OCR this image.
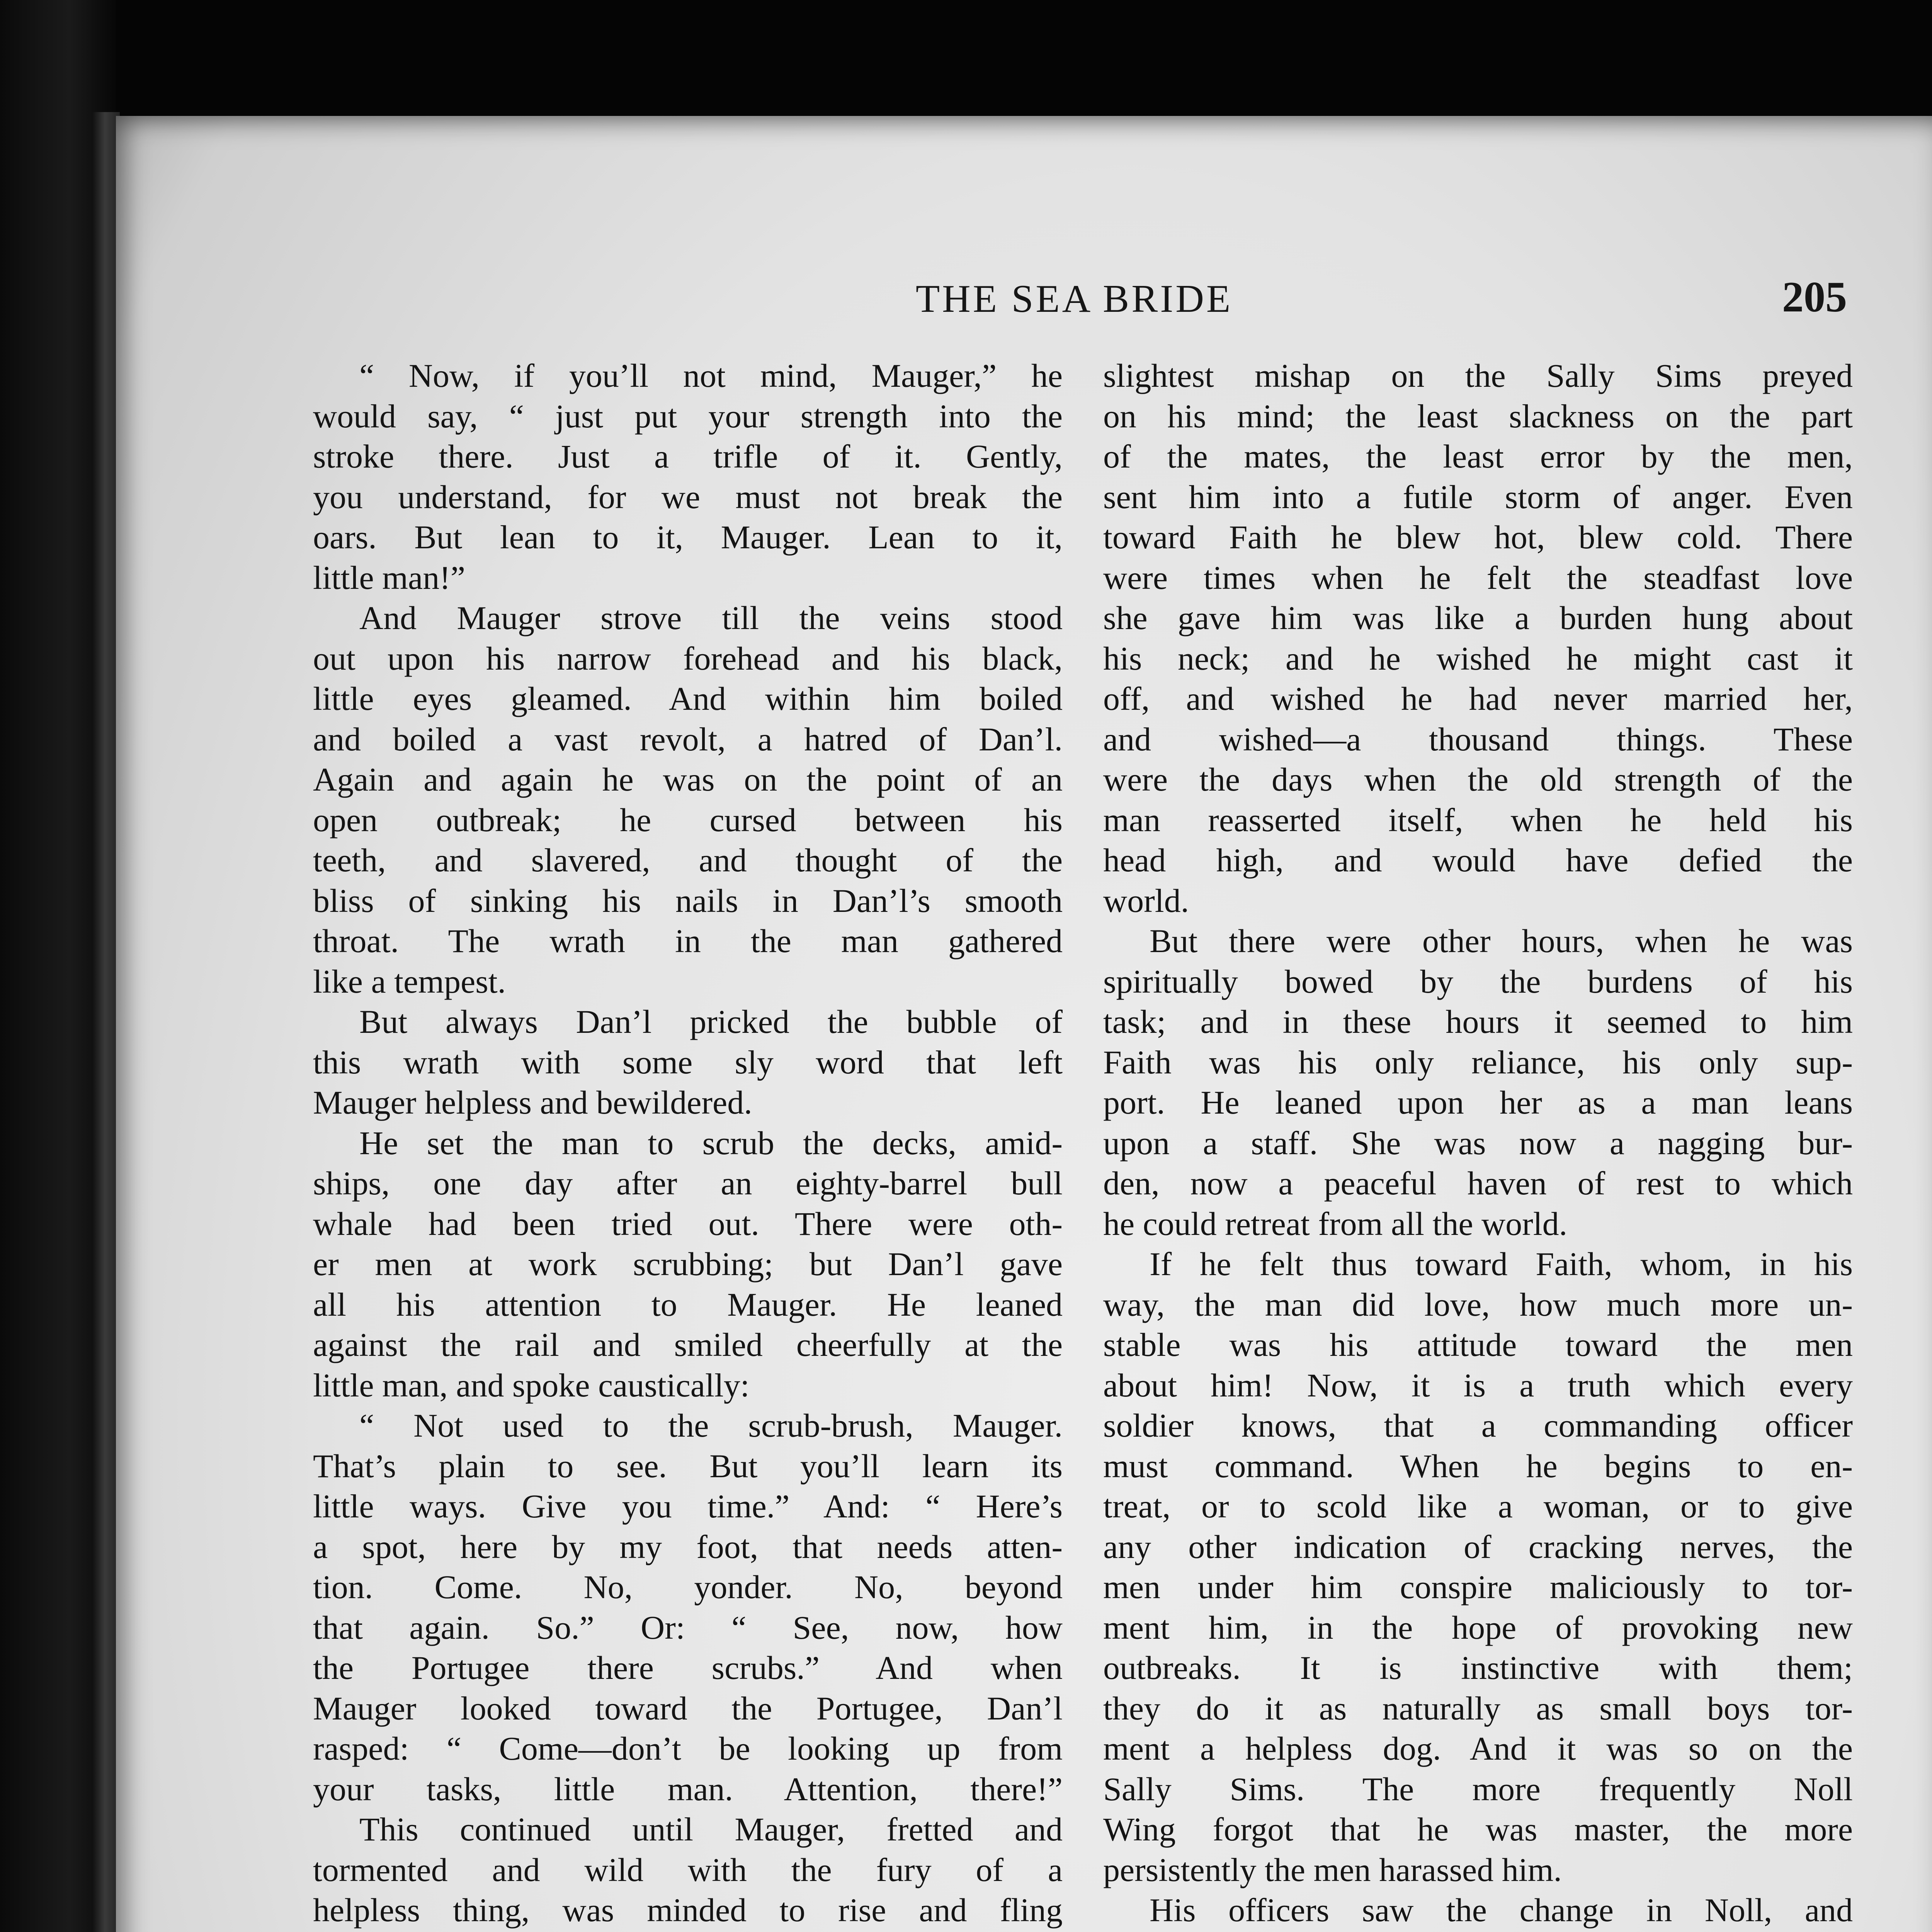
THE SEA BRIDE	205
“ Now, if you’ll not mind, Mauger,” he
would say, “ just put your strength into the
stroke there. Just a trifle of it. Gently,
you understand, for we must not break the
oars. But lean to it, Mauger. Lean to it,
little man!”
And Mauger strove till the veins stood
out upon his narrow forehead and his black,
little eyes gleamed. And within him boiled
and boiled a vast revolt, a hatred of Dan’l.
Again and again he was on the point of an
open outbreak; he cursed between his
teeth, and slavered, and thought of the
bliss of sinking his nails in Dan’l’s smooth
throat. The wrath in the man gathered
like a tempest.
But always Dan’l pricked the bubble of
this wrath with some sly word that left
Mauger helpless and bewildered.
He set the man to scrub the decks, amid-
ships, one day after an eighty-barrel bull
whale had been tried out. There were oth-
er men at work scrubbing; but Dan’l gave
all his attention to Mauger. He leaned
against the rail and smiled cheerfully at the
little man, and spoke caustically:
“ Not used to the scrub-brush, Mauger.
That’s plain to see. But you’ll learn its
little ways. Give you time.” And: “ Here’s
a spot, here by my foot, that needs atten-
tion. Come. No, yonder. No, beyond
that again. So.” Or: “ See, now, how
the Portugee there scrubs.” And when
Mauger looked toward the Portugee, Dan’l
rasped: “ Come—don’t be looking up from
your tasks, little man. Attention, there!”
This continued until Mauger, fretted and
tormented and wild with the fury of a
helpless thing, was minded to rise and fling
slightest mishap on the Sally Sims preyed
on his mind; the least slackness on the part
of the mates, the least error by the men,
sent him into a futile storm of anger. Even
toward Faith he blew hot, blew cold. There
were times when he felt the steadfast love
she gave him was like a burden hung about
his neck; and he wished he might cast it
off, and wished he had never married her,
and wished—a thousand things. These
were the days when the old strength of the
man reasserted itself, when he held his
head high, and would have defied the
world.
But there were other hours, when he was
spiritually bowed by the burdens of his
task; and in these hours it seemed to him
Faith was his only reliance, his only sup-
port. He leaned upon her as a man leans
upon a staff. She was now a nagging bur-
den, now a peaceful haven of rest to which
he could retreat from all the world.
If he felt thus toward Faith, whom, in his
way, the man did love, how much more un-
stable was his attitude toward the men
about him! Now, it is a truth which every
soldier knows, that a commanding officer
must command. When he begins to en-
treat, or to scold like a woman, or to give
any other indication of cracking nerves, the
men under him conspire maliciously to tor-
ment him, in the hope of provoking new
outbreaks. It is instinctive with them;
they do it as naturally as small boys tor-
ment a helpless dog. And it was so on the
Sally Sims. The more frequently Noll
Wing forgot that he was master, the more
persistently the men harassed him.
His officers saw the change in Noll, and
